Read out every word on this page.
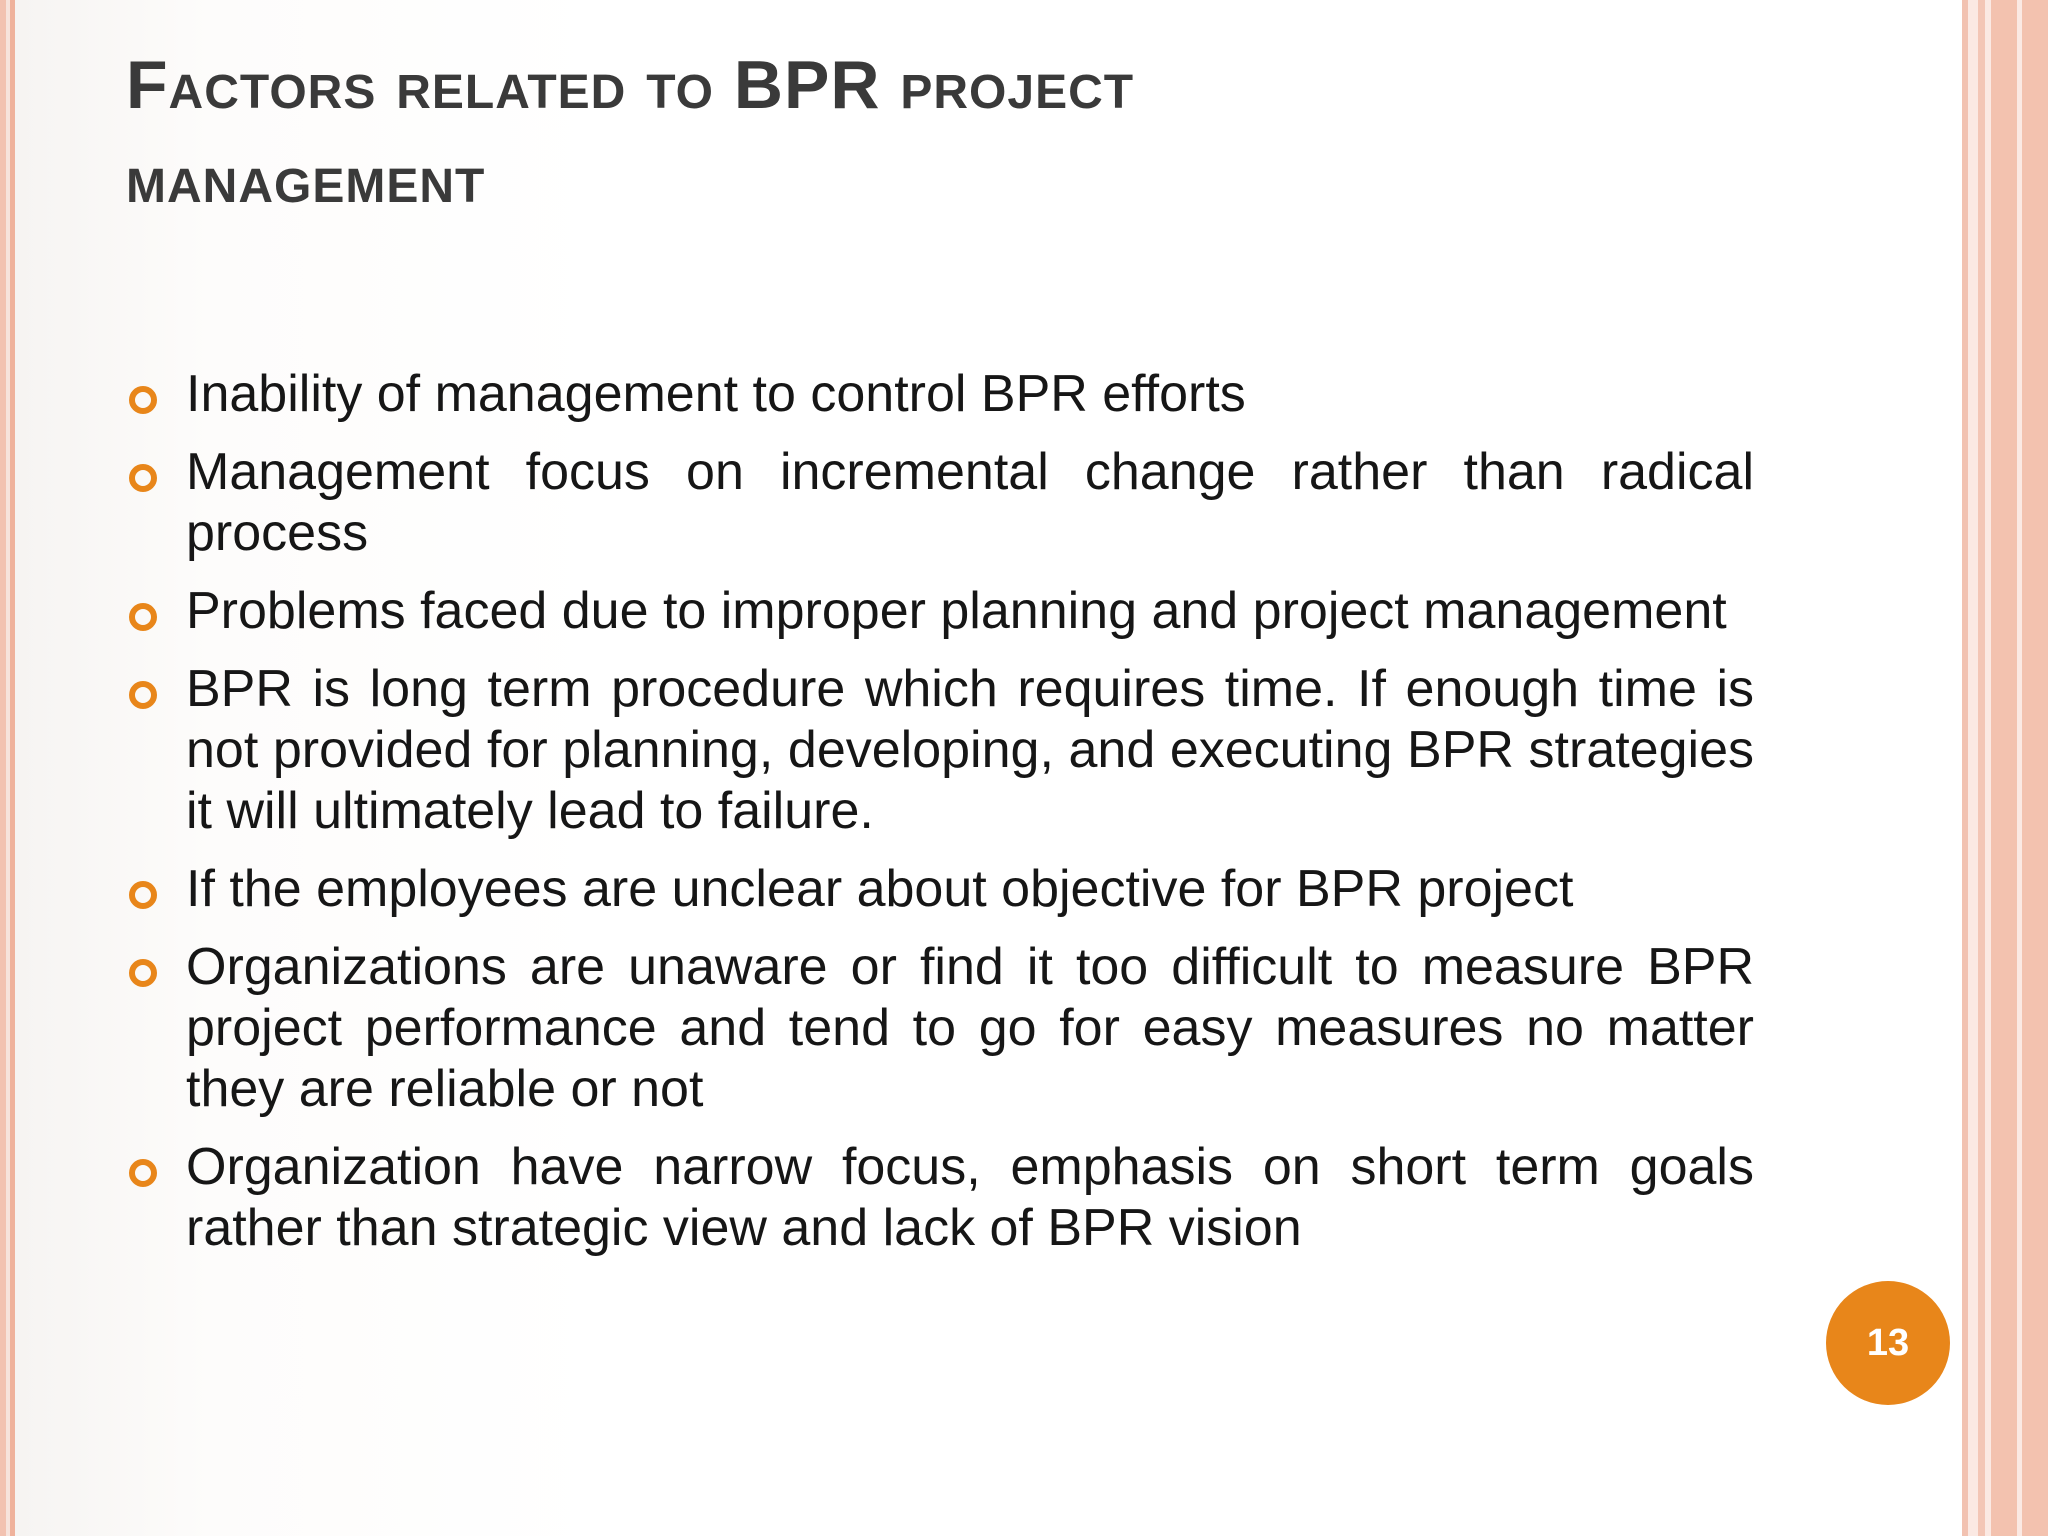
Factors related to BPR project management
Inability of management to control BPR efforts
Management focus on incremental change rather than radical process
Problems faced due to improper planning and project management
BPR is long term procedure which requires time. If enough time is not provided for planning, developing, and executing BPR strategies it will ultimately lead to failure.
If the employees are unclear about objective for BPR project
Organizations are unaware or find it too difficult to measure BPR project performance and tend to go for easy measures no matter they are reliable or not
Organization have narrow focus, emphasis on short term goals rather than strategic view and lack of BPR vision
13
